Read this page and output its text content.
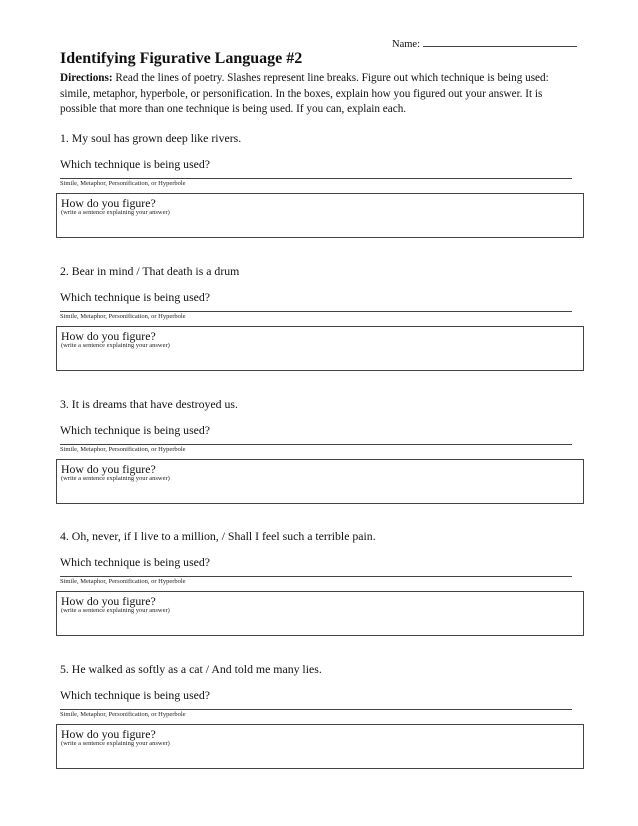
Name:
Identifying Figurative Language #2

Directions: Read the lines of poetry. Slashes represent line breaks. Figure out which technique is being used: simile, metaphor, hyperbole, or personification. In the boxes, explain how you figured out your answer. It is possible that more than one technique is being used. If you can, explain each.

1. My soul has grown deep like rivers.
Which technique is being used?
Simile, Metaphor, Personification, or Hyperbole
How do you figure?
(write a sentence explaining your answer)
2. Bear in mind / That death is a drum
Which technique is being used?
Simile, Metaphor, Personification, or Hyperbole
How do you figure?
(write a sentence explaining your answer)
3. It is dreams that have destroyed us.
Which technique is being used?
Simile, Metaphor, Personification, or Hyperbole
How do you figure?
(write a sentence explaining your answer)
4. Oh, never, if I live to a million, / Shall I feel such a terrible pain.
Which technique is being used?
Simile, Metaphor, Personification, or Hyperbole
How do you figure?
(write a sentence explaining your answer)
5. He walked as softly as a cat / And told me many lies.
Which technique is being used?
Simile, Metaphor, Personification, or Hyperbole
How do you figure?
(write a sentence explaining your answer)
